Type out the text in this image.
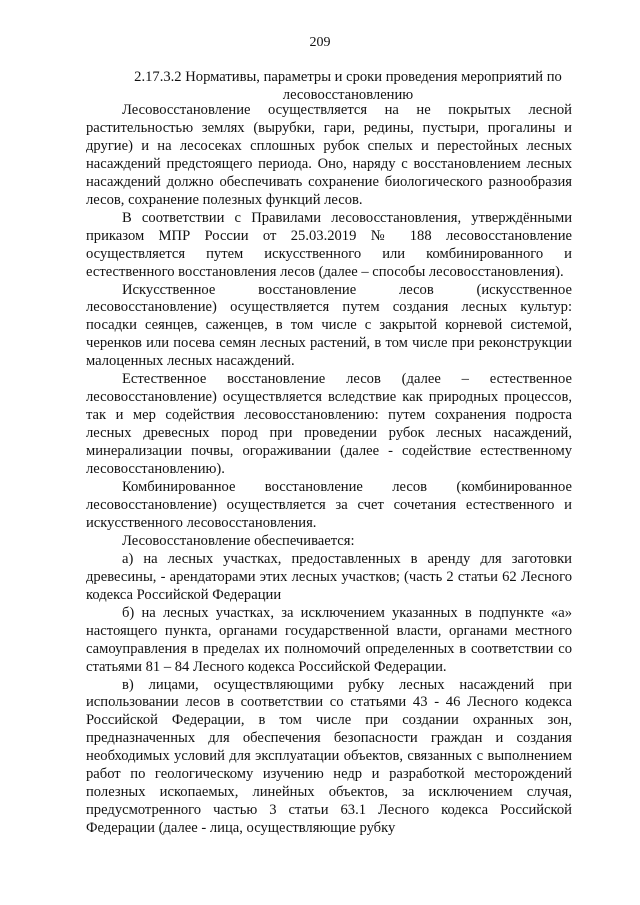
209
2.17.3.2 Нормативы, параметры и сроки проведения мероприятий по лесовосстановлению

Лесовосстановление осуществляется на не покрытых лесной растительностью землях (вырубки, гари, редины, пустыри, прогалины и другие) и на лесосеках сплошных рубок спелых и перестойных лесных насаждений предстоящего периода. Оно, наряду с восстановлением лесных насаждений должно обеспечивать сохранение биологического разнообразия лесов, сохранение полезных функций лесов.

В соответствии с Правилами лесовосстановления, утверждёнными приказом МПР России от 25.03.2019 № 188 лесовосстановление осуществляется путем искусственного или комбинированного и естественного восстановления лесов (далее – способы лесовосстановления).

Искусственное восстановление лесов (искусственное лесовосстановление) осуществляется путем создания лесных культур: посадки сеянцев, саженцев, в том числе с закрытой корневой системой, черенков или посева семян лесных растений, в том числе при реконструкции малоценных лесных насаждений.

Естественное восстановление лесов (далее – естественное лесовосстановление) осуществляется вследствие как природных процессов, так и мер содействия лесовосстановлению: путем сохранения подроста лесных древесных пород при проведении рубок лесных насаждений, минерализации почвы, огораживании (далее - содействие естественному лесовосстановлению).

Комбинированное восстановление лесов (комбинированное лесовосстановление) осуществляется за счет сочетания естественного и искусственного лесовосстановления.

Лесовосстановление обеспечивается:

а) на лесных участках, предоставленных в аренду для заготовки древесины, - арендаторами этих лесных участков; (часть 2 статьи 62 Лесного кодекса Российской Федерации

б) на лесных участках, за исключением указанных в подпункте «а» настоящего пункта, органами государственной власти, органами местного самоуправления в пределах их полномочий определенных в соответствии со статьями 81 – 84 Лесного кодекса Российской Федерации.

в) лицами, осуществляющими рубку лесных насаждений при использовании лесов в соответствии со статьями 43 - 46 Лесного кодекса Российской Федерации, в том числе при создании охранных зон, предназначенных для обеспечения безопасности граждан и создания необходимых условий для эксплуатации объектов, связанных с выполнением работ по геологическому изучению недр и разработкой месторождений полезных ископаемых, линейных объектов, за исключением случая, предусмотренного частью 3 статьи 63.1 Лесного кодекса Российской Федерации (далее - лица, осуществляющие рубку
